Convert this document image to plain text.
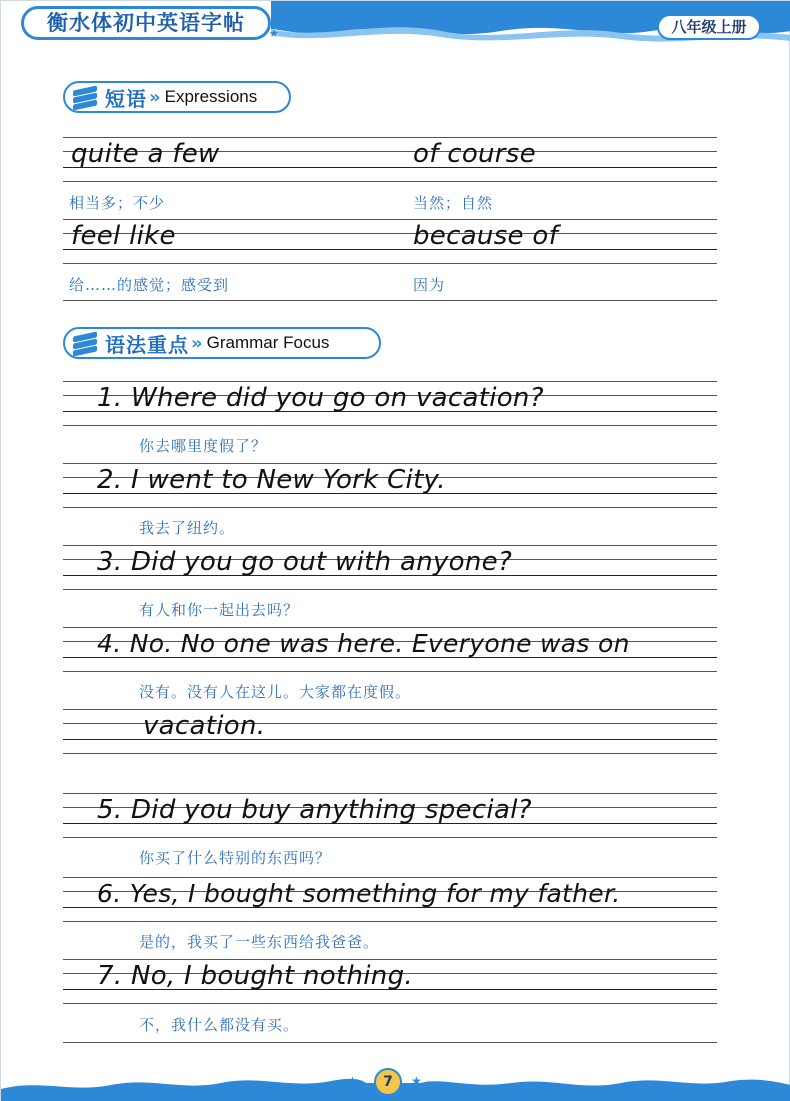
衡水体初中英语字帖	★
★	八年级上册
短语 » Expressions
quite a few	of course
相当多；不少	当然；自然
feel like	because of
给……的感觉；感受到	因为
语法重点 » Grammar Focus
1. Where did you go on vacation?
你去哪里度假了？
2. I went to New York City.
我去了纽约。
3. Did you go out with anyone?
有人和你一起出去吗？
4. No. No one was here. Everyone was on
没有。没有人在这儿。大家都在度假。
vacation.
5. Did you buy anything special?
你买了什么特别的东西吗？
6. Yes, I bought something for my father.
是的，我买了一些东西给我爸爸。
7. No, I bought nothing.
不，我什么都没有买。
★ ★	★ ★
7
